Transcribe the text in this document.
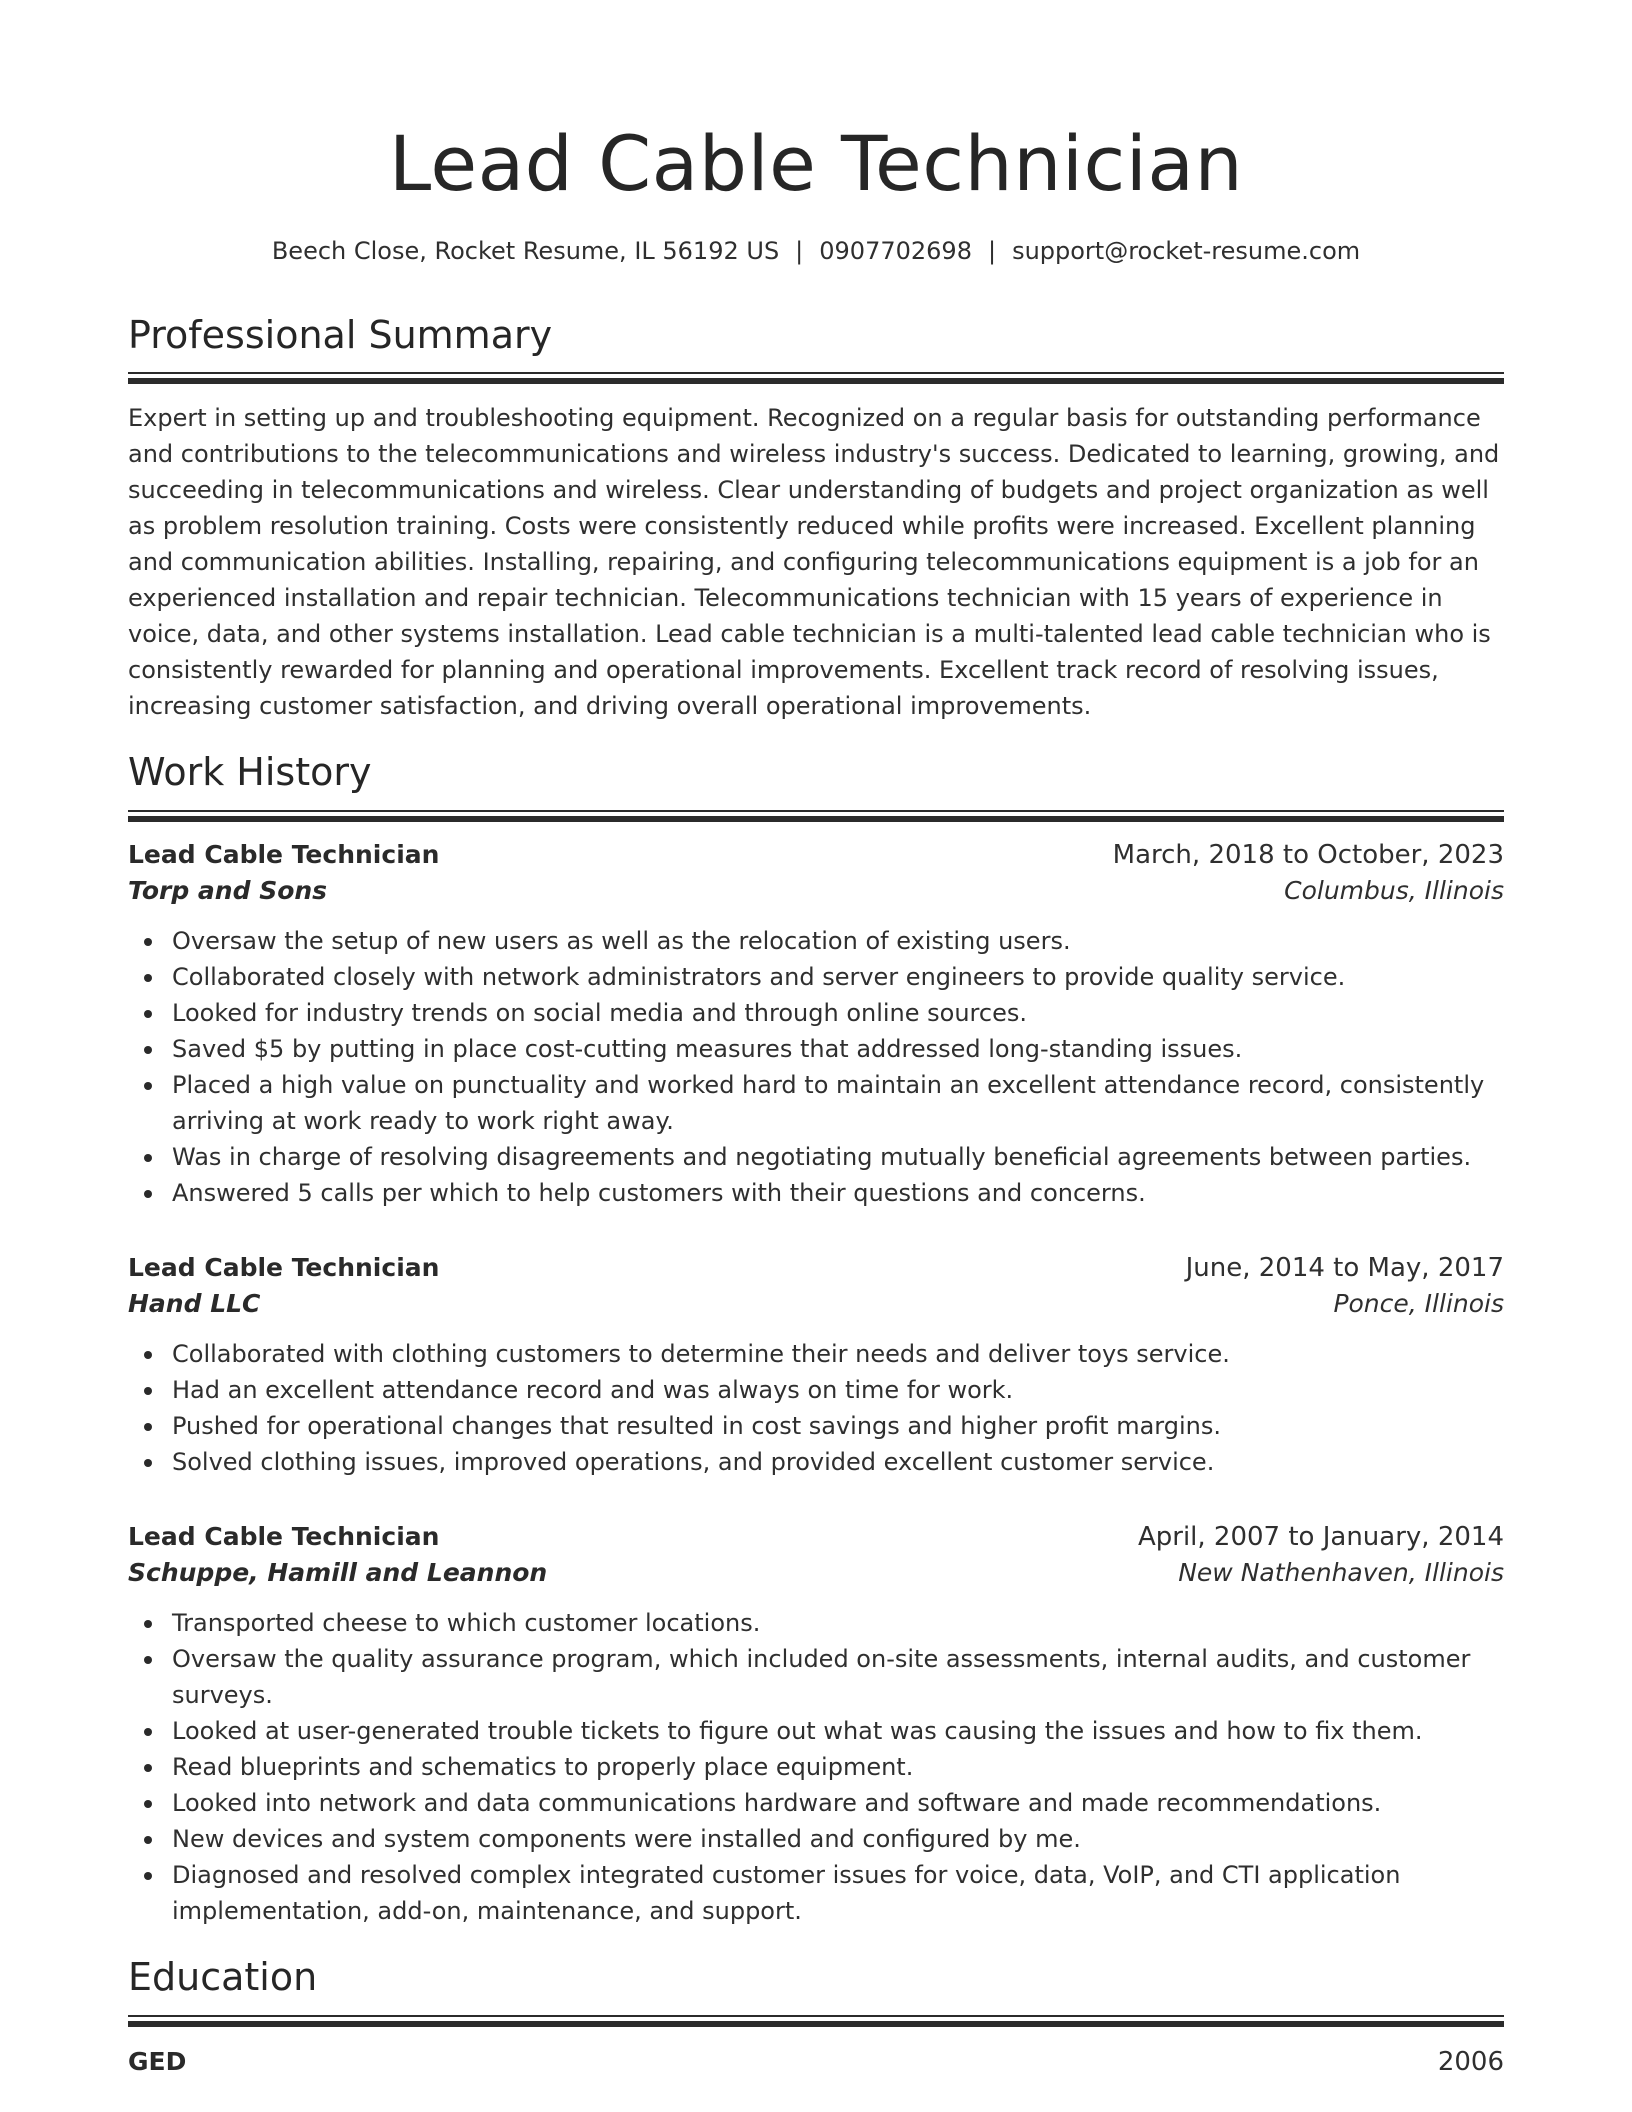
Lead Cable Technician
Beech Close, Rocket Resume, IL 56192 US | 0907702698 | support@rocket-resume.com
Professional Summary

Expert in setting up and troubleshooting equipment. Recognized on a regular basis for outstanding performance and contributions to the telecommunications and wireless industry's success. Dedicated to learning, growing, and succeeding in telecommunications and wireless. Clear understanding of budgets and project organization as well as problem resolution training. Costs were consistently reduced while profits were increased. Excellent planning and communication abilities. Installing, repairing, and configuring telecommunications equipment is a job for an experienced installation and repair technician. Telecommunications technician with 15 years of experience in voice, data, and other systems installation. Lead cable technician is a multi-talented lead cable technician who is consistently rewarded for planning and operational improvements. Excellent track record of resolving issues, increasing customer satisfaction, and driving overall operational improvements.

Work History
Lead Cable Technician	March, 2018 to October, 2023
Torp and Sons	Columbus, Illinois
Oversaw the setup of new users as well as the relocation of existing users.
Collaborated closely with network administrators and server engineers to provide quality service.
Looked for industry trends on social media and through online sources.
Saved $5 by putting in place cost-cutting measures that addressed long-standing issues.
Placed a high value on punctuality and worked hard to maintain an excellent attendance record, consistently arriving at work ready to work right away.
Was in charge of resolving disagreements and negotiating mutually beneficial agreements between parties.
Answered 5 calls per which to help customers with their questions and concerns.
Lead Cable Technician	June, 2014 to May, 2017
Hand LLC	Ponce, Illinois
Collaborated with clothing customers to determine their needs and deliver toys service.
Had an excellent attendance record and was always on time for work.
Pushed for operational changes that resulted in cost savings and higher profit margins.
Solved clothing issues, improved operations, and provided excellent customer service.
Lead Cable Technician	April, 2007 to January, 2014
Schuppe, Hamill and Leannon	New Nathenhaven, Illinois
Transported cheese to which customer locations.
Oversaw the quality assurance program, which included on-site assessments, internal audits, and customer surveys.
Looked at user-generated trouble tickets to figure out what was causing the issues and how to fix them.
Read blueprints and schematics to properly place equipment.
Looked into network and data communications hardware and software and made recommendations.
New devices and system components were installed and configured by me.
Diagnosed and resolved complex integrated customer issues for voice, data, VoIP, and CTI application implementation, add-on, maintenance, and support.
Education
GED	2006
